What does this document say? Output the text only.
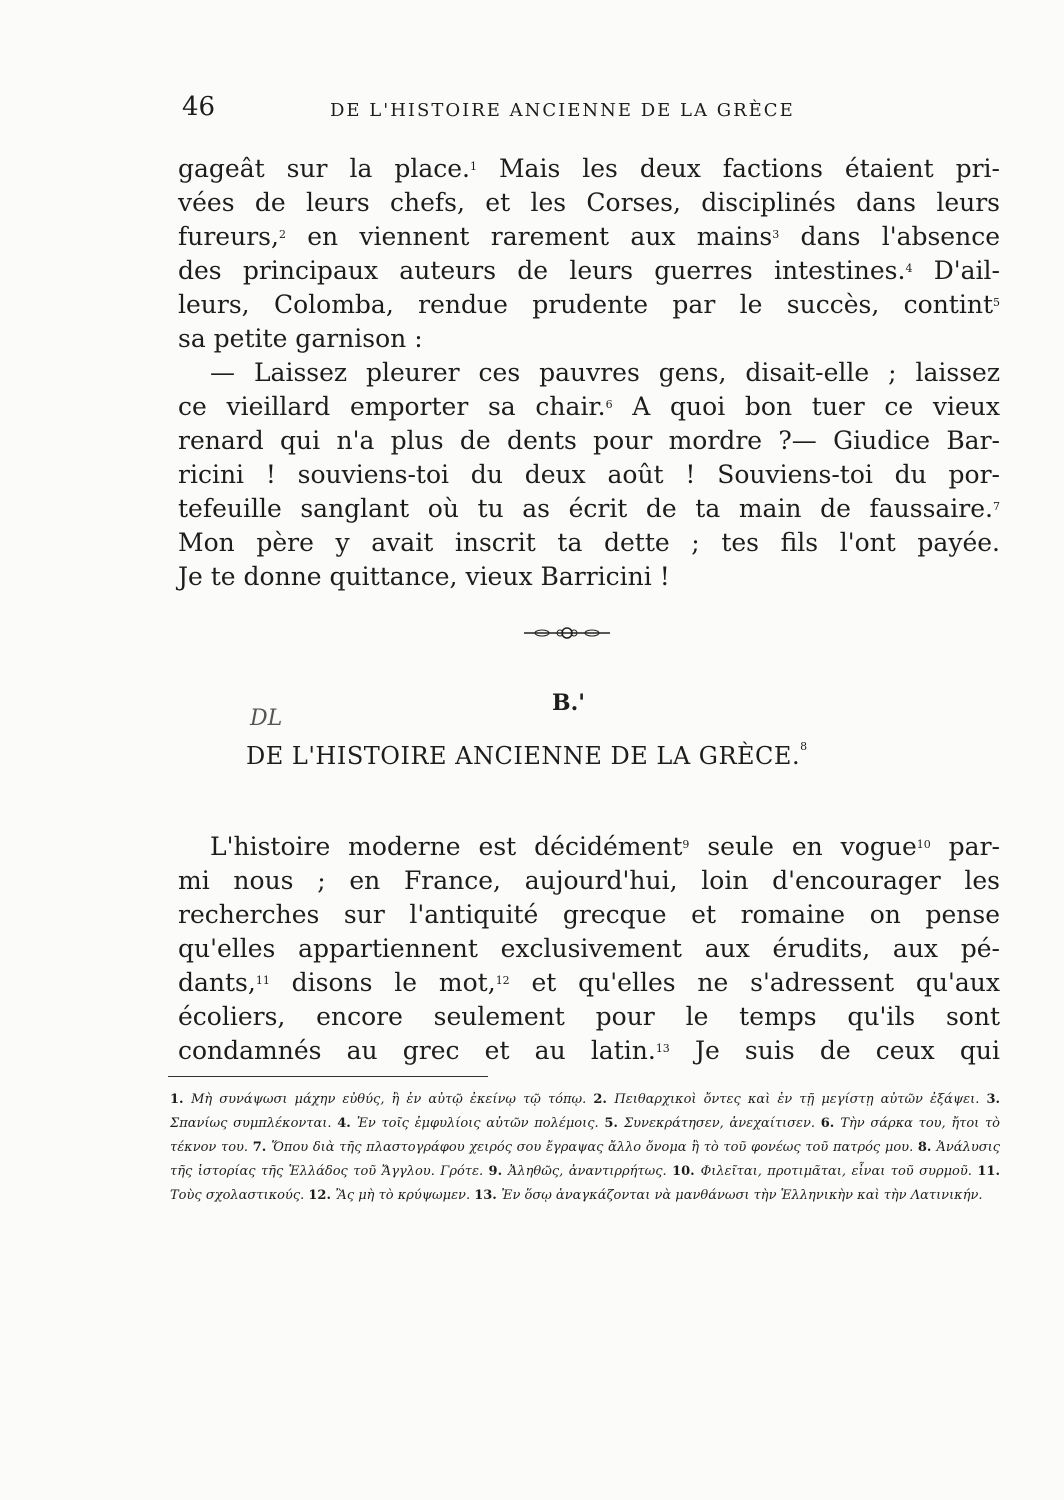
46	DE L'HISTOIRE ANCIENNE DE LA GRÈCE
gageât sur la place.$^1$ Mais les deux factions étaient pri-
vées de leurs chefs, et les Corses, disciplinés dans leurs
fureurs,$^2$ en viennent rarement aux mains$^3$ dans l'absence
des principaux auteurs de leurs guerres intestines.$^4$ D'ail-
leurs, Colomba, rendue prudente par le succès, contint$^5$
sa petite garnison :
— Laissez pleurer ces pauvres gens, disait-elle ; laissez
ce vieillard emporter sa chair.$^6$ A quoi bon tuer ce vieux
renard qui n'a plus de dents pour mordre ?— Giudice Bar-
ricini ! souviens-toi du deux août ! Souviens-toi du por-
tefeuille sanglant où tu as écrit de ta main de faussaire.$^7$
Mon père y avait inscrit ta dette ; tes fils l'ont payée.
Je te donne quittance, vieux Barricini !
B.'
DL
DE L'HISTOIRE ANCIENNE DE LA GRÈCE.$^8$
L'histoire moderne est décidément$^9$ seule en vogue$^{10}$ par-
mi nous ; en France, aujourd'hui, loin d'encourager les
recherches sur l'antiquité grecque et romaine on pense
qu'elles appartiennent exclusivement aux érudits, aux pé-
dants,$^{11}$ disons le mot,$^{12}$ et qu'elles ne s'adressent qu'aux
écoliers, encore seulement pour le temps qu'ils sont
condamnés au grec et au latin.$^{13}$ Je suis de ceux qui
1. Μὴ συνάψωσι μάχην εὐθύς, ἢ ἐν αὐτῷ ἐκείνῳ τῷ τόπῳ. 2. Πειθαρχικοὶ ὄντες καὶ ἐν τῇ μεγίστῃ αὐτῶν ἐξάψει. 3. Σπανίως συμπλέκονται. 4. Ἐν τοῖς ἐμφυλίοις αὐτῶν πολέμοις. 5. Συνεκράτησεν, ἀνεχαίτισεν. 6. Τὴν σάρκα του, ἤτοι τὸ τέκνον του. 7. Ὅπου διὰ τῆς πλαστογράφου χειρός σου ἔγραψας ἄλλο ὄνομα ἢ τὸ τοῦ φονέως τοῦ πατρός μου. 8. Ἀνάλυσις τῆς ἱστορίας τῆς Ἑλλάδος τοῦ Ἄγγλου. Γρότε. 9. Ἀληθῶς, ἀναντιρρήτως. 10. Φιλεῖται, προτιμᾶται, εἶναι τοῦ συρμοῦ. 11. Τοὺς σχολαστικούς. 12. Ἂς μὴ τὸ κρύψωμεν. 13. Ἐν ὅσῳ ἀναγκάζονται νὰ μανθάνωσι τὴν Ἑλληνικὴν καὶ τὴν Λατινικήν.
